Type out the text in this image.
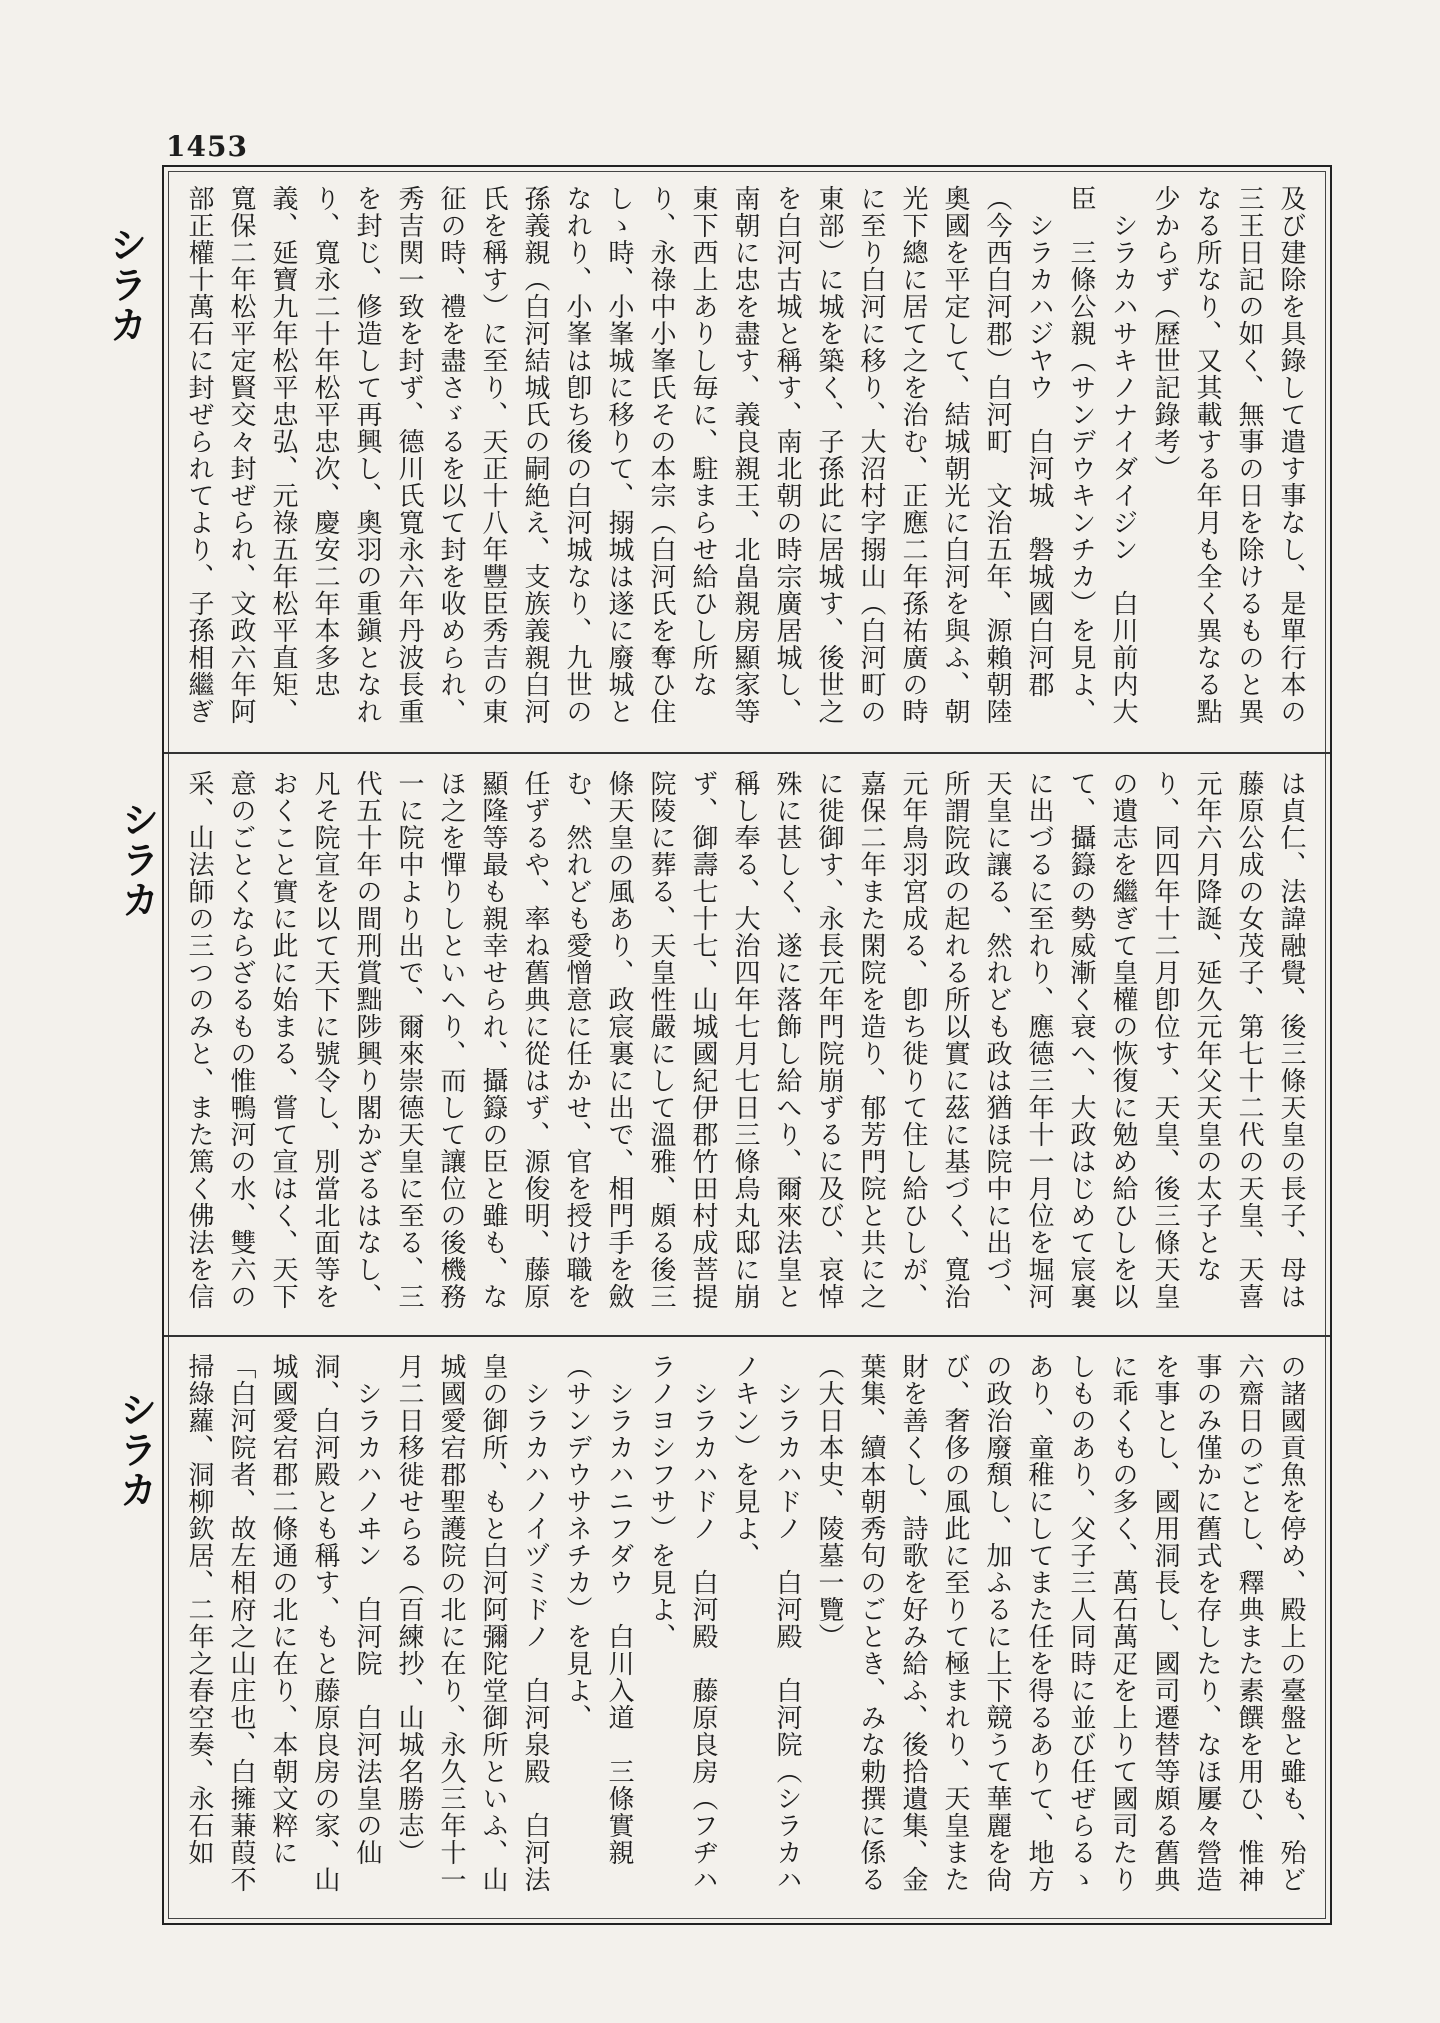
1453
シラカ
シラカ
シラカ
及び建除を具錄して遣す事なし、是單行本の三王日記の如く、無事の日を除けるものと異なる所なり、又其載する年月も全く異なる點少からず（歷世記錄考）
　シラカハサキノナイダイジン　白川前内大臣　三條公親（サンデウキンチカ）を見よ、
　シラカハジヤウ　白河城　磐城國白河郡（今西白河郡）白河町　文治五年、源賴朝陸奧國を平定して、結城朝光に白河を與ふ、朝光下總に居て之を治む、正應二年孫祐廣の時に至り白河に移り、大沼村字搦山（白河町の東部）に城を築く、子孫此に居城す、後世之を白河古城と稱す、南北朝の時宗廣居城し、南朝に忠を盡す、義良親王、北畠親房顯家等東下西上ありし毎に、駐まらせ給ひし所なり、永祿中小峯氏その本宗（白河氏を奪ひ住しゝ時、小峯城に移りて、搦城は遂に廢城となれり、小峯は卽ち後の白河城なり、九世の孫義親（白河結城氏の嗣絶え、支族義親白河氏を稱す）に至り、天正十八年豐臣秀吉の東征の時、禮を盡さゞるを以て封を收められ、秀吉関一致を封ず、德川氏寬永六年丹波長重を封じ、修造して再興し、奧羽の重鎭となれり、寬永二十年松平忠次、慶安二年本多忠義、延寶九年松平忠弘、元祿五年松平直矩、寬保二年松平定賢交々封ぜられ、文政六年阿部正權十萬石に封ぜられてより、子孫相繼ぎ

は貞仁、法諱融覺、後三條天皇の長子、母は藤原公成の女茂子、第七十二代の天皇、天喜元年六月降誕、延久元年父天皇の太子となり、同四年十二月卽位す、天皇、後三條天皇の遺志を繼ぎて皇權の恢復に勉め給ひしを以て、攝籙の勢威漸く衰へ、大政はじめて宸裏に出づるに至れり、應德三年十一月位を堀河天皇に讓る、然れども政は猶ほ院中に出づ、所謂院政の起れる所以實に茲に基づく、寬治元年鳥羽宮成る、卽ち徙りて住し給ひしが、嘉保二年また閑院を造り、郁芳門院と共に之に徙御す、永長元年門院崩ずるに及び、哀悼殊に甚しく、遂に落飾し給へり、爾來法皇と稱し奉る、大治四年七月七日三條烏丸邸に崩ず、御壽七十七、山城國紀伊郡竹田村成菩提院陵に葬る、天皇性嚴にして溫雅、頗る後三條天皇の風あり、政宸裏に出で、相門手を斂む、然れども愛憎意に任かせ、官を授け職を任ずるや、率ね舊典に從はず、源俊明、藤原顯隆等最も親幸せられ、攝籙の臣と雖も、なほ之を憚りしといへり、而して讓位の後機務一に院中より出で、爾來崇德天皇に至る、三代五十年の間刑賞黜陟興り閣かざるはなし、凡そ院宣を以て天下に號令し、別當北面等をおくこと實に此に始まる、嘗て宣はく、天下意のごとくならざるもの惟鴨河の水、雙六の采、山法師の三つのみと、また篤く佛法を信
の諸國貢魚を停め、殿上の臺盤と雖も、殆ど六齋日のごとし、釋典また素饌を用ひ、惟神事のみ僅かに舊式を存したり、なほ屢々營造を事とし、國用洞長し、國司遷替等頗る舊典に乖くもの多く、萬石萬疋を上りて國司たりしものあり、父子三人同時に並び任ぜらるゝあり、童稚にしてまた任を得るありて、地方の政治廢頽し、加ふるに上下競うて華麗を尙び、奢侈の風此に至りて極まれり、天皇また財を善くし、詩歌を好み給ふ、後拾遺集、金葉集、續本朝秀句のごとき、みな勅撰に係る（大日本史、陵墓一覽）
　シラカハドノ　白河殿　白河院（シラカハノキン）を見よ、
　シラカハドノ　白河殿　藤原良房（フヂハラノヨシフサ）を見よ、
　シラカハニフダウ　白川入道　三條實親（サンデウサネチカ）を見よ、
　シラカハノイヅミドノ　白河泉殿　白河法皇の御所、もと白河阿彌陀堂御所といふ、山城國愛宕郡聖護院の北に在り、永久三年十一月二日移徙せらる（百練抄、山城名勝志）
　シラカハノヰン　白河院　白河法皇の仙洞、白河殿とも稱す、もと藤原良房の家、山城國愛宕郡二條通の北に在り、本朝文粹に「白河院者、故左相府之山庄也、白擁蒹葭不掃綠蘿、洞柳欽居、二年之春空奏、永石如
